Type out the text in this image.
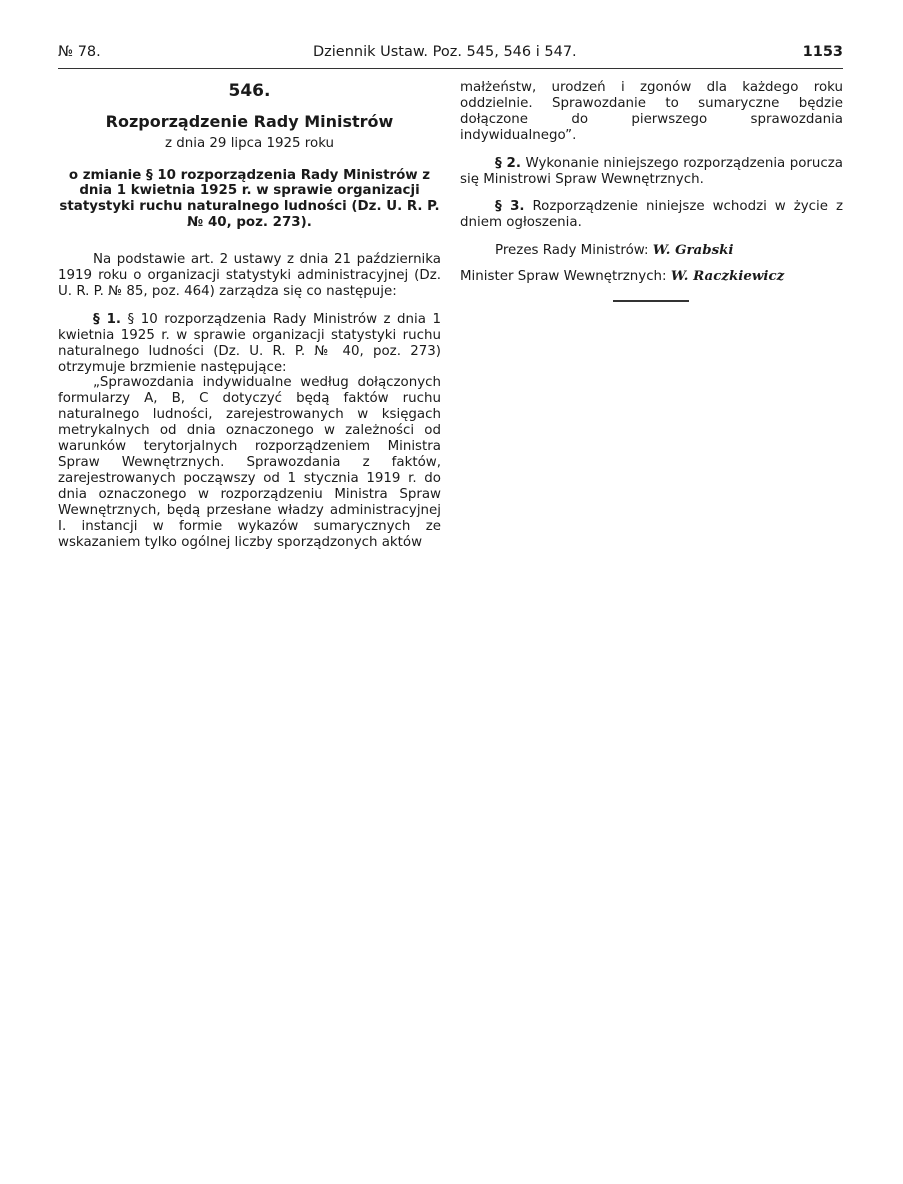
№ 78.	Dziennik Ustaw. Poz. 545, 546 i 547.	1153

546.

Rozporządzenie Rady Ministrów

z dnia 29 lipca 1925 roku

o zmianie § 10 rozporządzenia Rady Ministrów z dnia 1 kwietnia 1925 r. w sprawie organizacji statystyki ruchu naturalnego ludności (Dz. U. R. P. № 40, poz. 273).

Na podstawie art. 2 ustawy z dnia 21 października 1919 roku o organizacji statystyki administracyjnej (Dz. U. R. P. № 85, poz. 464) zarządza się co następuje:

§ 1. § 10 rozporządzenia Rady Ministrów z dnia 1 kwietnia 1925 r. w sprawie organizacji statystyki ruchu naturalnego ludności (Dz. U. R. P. № 40, poz. 273) otrzymuje brzmienie następujące:

„Sprawozdania indywidualne według dołączonych formularzy A, B, C dotyczyć będą faktów ruchu naturalnego ludności, zarejestrowanych w księgach metrykalnych od dnia oznaczonego w zależności od warunków terytorjalnych rozporządzeniem Ministra Spraw Wewnętrznych. Sprawozdania z faktów, zarejestrowanych począwszy od 1 stycznia 1919 r. do dnia oznaczonego w rozporządzeniu Ministra Spraw Wewnętrznych, będą przesłane władzy administracyjnej I. instancji w formie wykazów sumarycznych ze wskazaniem tylko ogólnej liczby sporządzonych aktów

małżeństw, urodzeń i zgonów dla każdego roku oddzielnie. Sprawozdanie to sumaryczne będzie dołączone do pierwszego sprawozdania indywidualnego”.

§ 2. Wykonanie niniejszego rozporządzenia porucza się Ministrowi Spraw Wewnętrznych.

§ 3. Rozporządzenie niniejsze wchodzi w życie z dniem ogłoszenia.

Prezes Rady Ministrów: W. Grabski

Minister Spraw Wewnętrznych: W. Raczkiewicz
